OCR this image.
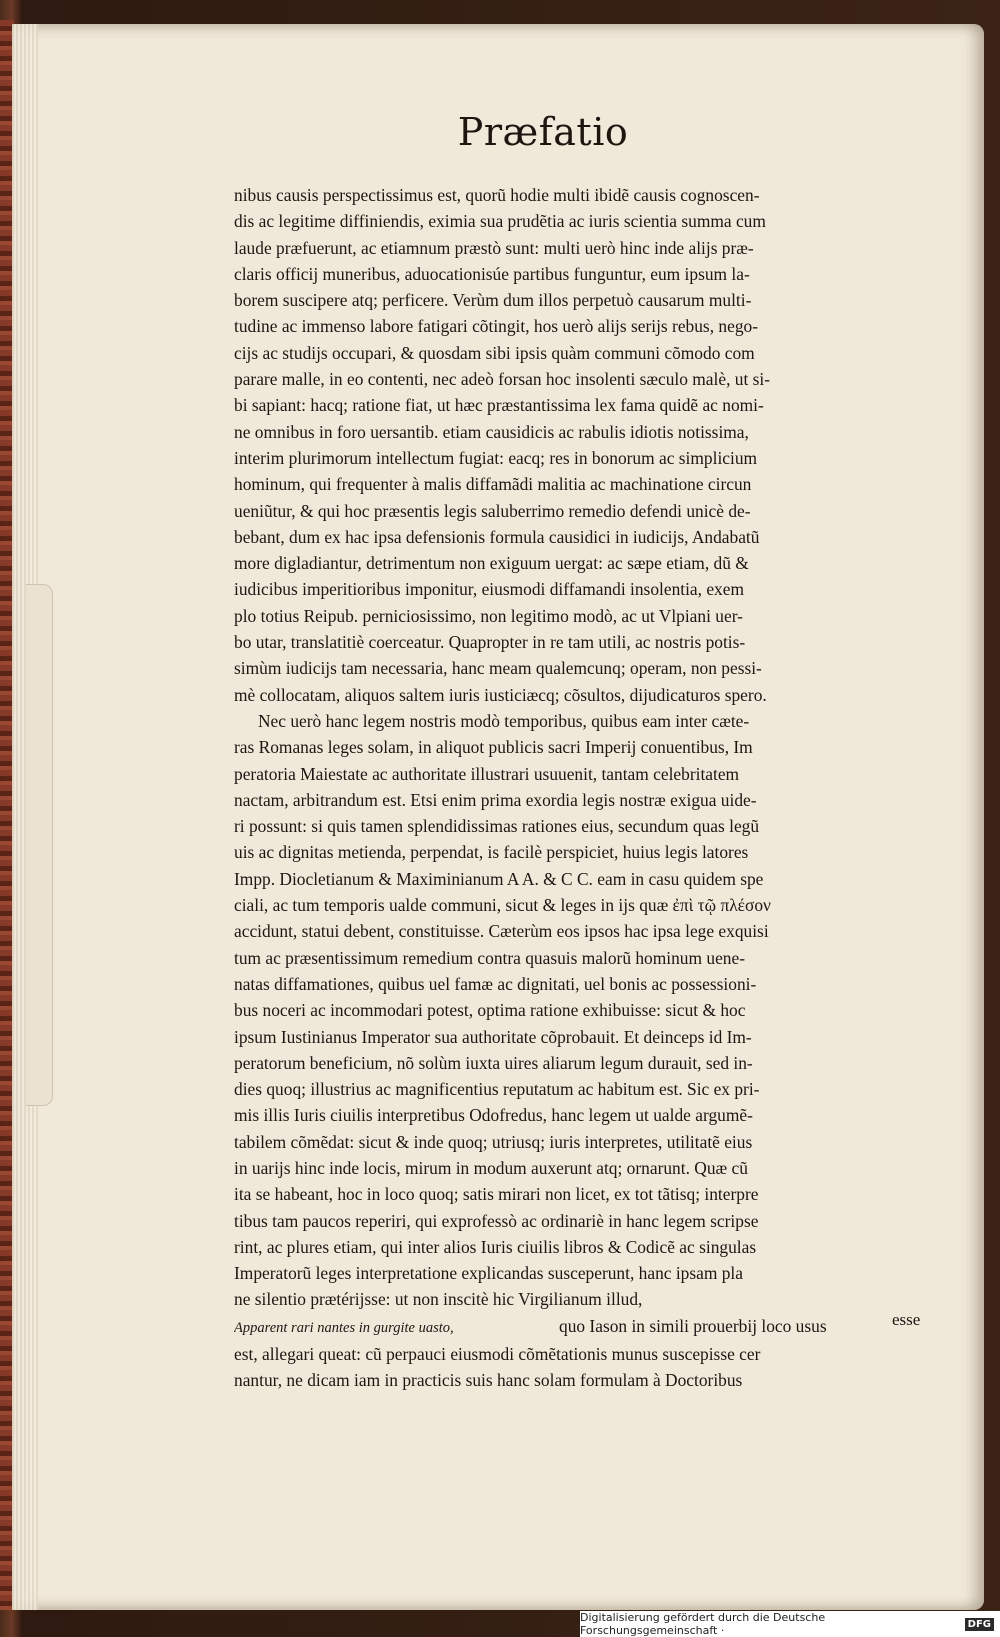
Præfatio
nibus causis perspectissimus est, quorũ hodie multi ibidẽ causis cognoscen-
dis ac legitime diffiniendis, eximia sua prudẽtia ac iuris scientia summa cum
laude præfuerunt, ac etiamnum præstò sunt: multi uerò hinc inde alijs præ-
claris officij muneribus, aduocationisúe partibus funguntur, eum ipsum la-
borem suscipere atq; perficere. Verùm dum illos perpetuò causarum multi-
tudine ac immenso labore fatigari cõtingit, hos uerò alijs serijs rebus, nego-
cijs ac studijs occupari, & quosdam sibi ipsis quàm communi cõmodo com
parare malle, in eo contenti, nec adeò forsan hoc insolenti sæculo malè, ut si-
bi sapiant: hacq; ratione fiat, ut hæc præstantissima lex fama quidẽ ac nomi-
ne omnibus in foro uersantib. etiam causidicis ac rabulis idiotis notissima,
interim plurimorum intellectum fugiat: eacq; res in bonorum ac simplicium
hominum, qui frequenter à malis diffamãdi malitia ac machinatione circun
ueniũtur, & qui hoc præsentis legis saluberrimo remedio defendi unicè de-
bebant, dum ex hac ipsa defensionis formula causidici in iudicijs, Andabatũ
more digladiantur, detrimentum non exiguum uergat: ac sæpe etiam, dũ &
iudicibus imperitioribus imponitur, eiusmodi diffamandi insolentia, exem
plo totius Reipub. perniciosissimo, non legitimo modò, ac ut Vlpiani uer-
bo utar, translatitiè coerceatur. Quapropter in re tam utili, ac nostris potis-
simùm iudicijs tam necessaria, hanc meam qualemcunq; operam, non pessi-
mè collocatam, aliquos saltem iuris iusticiæcq; cõsultos, dijudicaturos spero.
Nec uerò hanc legem nostris modò temporibus, quibus eam inter cæte-
ras Romanas leges solam, in aliquot publicis sacri Imperij conuentibus, Im
peratoria Maiestate ac authoritate illustrari usuuenit, tantam celebritatem
nactam, arbitrandum est. Etsi enim prima exordia legis nostræ exigua uide-
ri possunt: si quis tamen splendidissimas rationes eius, secundum quas legũ
uis ac dignitas metienda, perpendat, is facilè perspiciet, huius legis latores
Impp. Diocletianum & Maximinianum A A. & C C. eam in casu quidem spe
ciali, ac tum temporis ualde communi, sicut & leges in ijs quæ ἐπὶ τῷ πλέσον
accidunt, statui debent, constituisse. Cæterùm eos ipsos hac ipsa lege exquisi
tum ac præsentissimum remedium contra quasuis malorũ hominum uene-
natas diffamationes, quibus uel famæ ac dignitati, uel bonis ac possessioni-
bus noceri ac incommodari potest, optima ratione exhibuisse: sicut & hoc
ipsum Iustinianus Imperator sua authoritate cõprobauit. Et deinceps id Im-
peratorum beneficium, nõ solùm iuxta uires aliarum legum durauit, sed in-
dies quoq; illustrius ac magnificentius reputatum ac habitum est. Sic ex pri-
mis illis Iuris ciuilis interpretibus Odofredus, hanc legem ut ualde argumẽ-
tabilem cõmẽdat: sicut & inde quoq; utriusq; iuris interpretes, utilitatẽ eius
in uarijs hinc inde locis, mirum in modum auxerunt atq; ornarunt. Quæ cũ
ita se habeant, hoc in loco quoq; satis mirari non licet, ex tot tãtisq; interpre
tibus tam paucos reperiri, qui exprofessò ac ordinariè in hanc legem scripse
rint, ac plures etiam, qui inter alios Iuris ciuilis libros & Codicẽ ac singulas
Imperatorũ leges interpretatione explicandas susceperunt, hanc ipsam pla
ne silentio prætérijsse: ut non inscitè hic Virgilianum illud,
Apparent rari nantes in gurgite uasto,	quo Iason in simili prouerbij loco usus
est, allegari queat: cũ perpauci eiusmodi cõmẽtationis munus suscepisse cer
nantur, ne dicam iam in practicis suis hanc solam formulam à Doctoribus
esse
Digitalisierung gefördert durch die Deutsche Forschungsgemeinschaft ·	DFG
